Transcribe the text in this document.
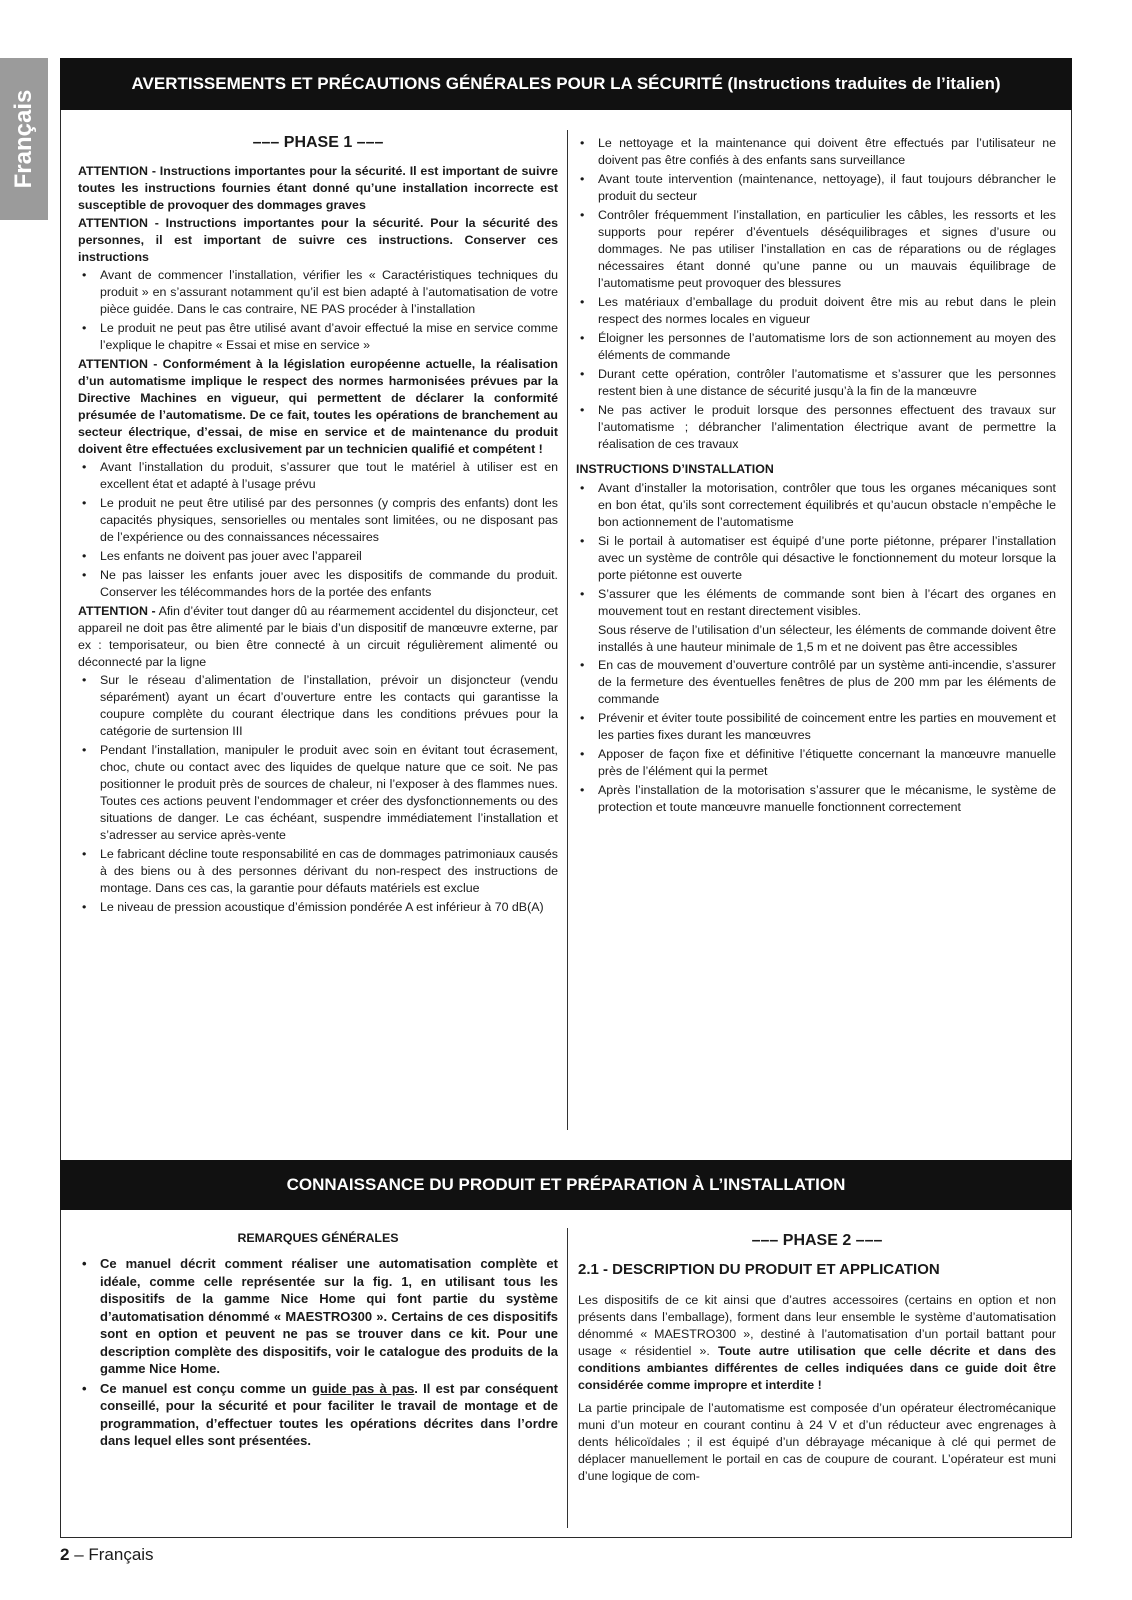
Français
AVERTISSEMENTS ET PRÉCAUTIONS GÉNÉRALES POUR LA SÉCURITÉ (Instructions traduites de l’italien)
––– PHASE 1 –––

ATTENTION - Instructions importantes pour la sécurité. Il est important de suivre toutes les instructions fournies étant donné qu’une installation incorrecte est susceptible de provoquer des dommages graves

ATTENTION - Instructions importantes pour la sécurité. Pour la sécurité des personnes, il est important de suivre ces instructions. Conserver ces instructions

• Avant de commencer l’installation, vérifier les « Caractéristiques techniques du produit » en s’assurant notamment qu’il est bien adapté à l’automatisation de votre pièce guidée. Dans le cas contraire, NE PAS procéder à l’installation
• Le produit ne peut pas être utilisé avant d’avoir effectué la mise en service comme l’explique le chapitre « Essai et mise en service »

ATTENTION - Conformément à la législation européenne actuelle, la réalisation d’un automatisme implique le respect des normes harmonisées prévues par la Directive Machines en vigueur, qui permettent de déclarer la conformité présumée de l’automatisme. De ce fait, toutes les opérations de branchement au secteur électrique, d’essai, de mise en service et de maintenance du produit doivent être effectuées exclusivement par un technicien qualifié et compétent !

• Avant l’installation du produit, s’assurer que tout le matériel à utiliser est en excellent état et adapté à l’usage prévu
• Le produit ne peut être utilisé par des personnes (y compris des enfants) dont les capacités physiques, sensorielles ou mentales sont limitées, ou ne disposant pas de l’expérience ou des connaissances nécessaires
• Les enfants ne doivent pas jouer avec l’appareil
• Ne pas laisser les enfants jouer avec les dispositifs de commande du produit. Conserver les télécommandes hors de la portée des enfants

ATTENTION - Afin d’éviter tout danger dû au réarmement accidentel du disjoncteur, cet appareil ne doit pas être alimenté par le biais d’un dispositif de manœuvre externe, par ex : temporisateur, ou bien être connecté à un circuit régulièrement alimenté ou déconnecté par la ligne

• Sur le réseau d’alimentation de l’installation, prévoir un disjoncteur (vendu séparément) ayant un écart d’ouverture entre les contacts qui garantisse la coupure complète du courant électrique dans les conditions prévues pour la catégorie de surtension III
• Pendant l’installation, manipuler le produit avec soin en évitant tout écrasement, choc, chute ou contact avec des liquides de quelque nature que ce soit. Ne pas positionner le produit près de sources de chaleur, ni l’exposer à des flammes nues. Toutes ces actions peuvent l’endommager et créer des dysfonctionnements ou des situations de danger. Le cas échéant, suspendre immédiatement l’installation et s’adresser au service après-vente
• Le fabricant décline toute responsabilité en cas de dommages patrimoniaux causés à des biens ou à des personnes dérivant du non-respect des instructions de montage. Dans ces cas, la garantie pour défauts matériels est exclue
• Le niveau de pression acoustique d’émission pondérée A est inférieur à 70 dB(A)
• Le nettoyage et la maintenance qui doivent être effectués par l’utilisateur ne doivent pas être confiés à des enfants sans surveillance
• Avant toute intervention (maintenance, nettoyage), il faut toujours débrancher le produit du secteur
• Contrôler fréquemment l’installation, en particulier les câbles, les ressorts et les supports pour repérer d’éventuels déséquilibrages et signes d’usure ou dommages. Ne pas utiliser l’installation en cas de réparations ou de réglages nécessaires étant donné qu’une panne ou un mauvais équilibrage de l’automatisme peut provoquer des blessures
• Les matériaux d’emballage du produit doivent être mis au rebut dans le plein respect des normes locales en vigueur
• Éloigner les personnes de l’automatisme lors de son actionnement au moyen des éléments de commande
• Durant cette opération, contrôler l’automatisme et s’assurer que les personnes restent bien à une distance de sécurité jusqu’à la fin de la manœuvre
• Ne pas activer le produit lorsque des personnes effectuent des travaux sur l’automatisme ; débrancher l’alimentation électrique avant de permettre la réalisation de ces travaux
INSTRUCTIONS D’INSTALLATION
• Avant d’installer la motorisation, contrôler que tous les organes mécaniques sont en bon état, qu’ils sont correctement équilibrés et qu’aucun obstacle n’empêche le bon actionnement de l’automatisme
• Si le portail à automatiser est équipé d’une porte piétonne, préparer l’installation avec un système de contrôle qui désactive le fonctionnement du moteur lorsque la porte piétonne est ouverte
• S’assurer que les éléments de commande sont bien à l’écart des organes en mouvement tout en restant directement visibles.

Sous réserve de l’utilisation d’un sélecteur, les éléments de commande doivent être installés à une hauteur minimale de 1,5 m et ne doivent pas être accessibles

• En cas de mouvement d’ouverture contrôlé par un système anti-incendie, s’assurer de la fermeture des éventuelles fenêtres de plus de 200 mm par les éléments de commande
• Prévenir et éviter toute possibilité de coincement entre les parties en mouvement et les parties fixes durant les manœuvres
• Apposer de façon fixe et définitive l’étiquette concernant la manœuvre manuelle près de l’élément qui la permet
• Après l’installation de la motorisation s’assurer que le mécanisme, le système de protection et toute manœuvre manuelle fonctionnent correctement
CONNAISSANCE DU PRODUIT ET PRÉPARATION À L’INSTALLATION
REMARQUES GÉNÉRALES
• Ce manuel décrit comment réaliser une automatisation complète et idéale, comme celle représentée sur la fig. 1, en utilisant tous les dispositifs de la gamme Nice Home qui font partie du système d’automatisation dénommé « MAESTRO300 ». Certains de ces dispositifs sont en option et peuvent ne pas se trouver dans ce kit. Pour une description complète des dispositifs, voir le catalogue des produits de la gamme Nice Home.
• Ce manuel est conçu comme un guide pas à pas. Il est par conséquent conseillé, pour la sécurité et pour faciliter le travail de montage et de programmation, d’effectuer toutes les opérations décrites dans l’ordre dans lequel elles sont présentées.
––– PHASE 2 –––
2.1 - DESCRIPTION DU PRODUIT ET APPLICATION

Les dispositifs de ce kit ainsi que d’autres accessoires (certains en option et non présents dans l’emballage), forment dans leur ensemble le système d’automatisation dénommé « MAESTRO300 », destiné à l’automatisation d’un portail battant pour usage « résidentiel ». Toute autre utilisation que celle décrite et dans des conditions ambiantes différentes de celles indiquées dans ce guide doit être considérée comme impropre et interdite !

La partie principale de l’automatisme est composée d’un opérateur électromécanique muni d’un moteur en courant continu à 24 V et d’un réducteur avec engrenages à dents hélicoïdales ; il est équipé d’un débrayage mécanique à clé qui permet de déplacer manuellement le portail en cas de coupure de courant. L’opérateur est muni d’une logique de com-

2 – Français
